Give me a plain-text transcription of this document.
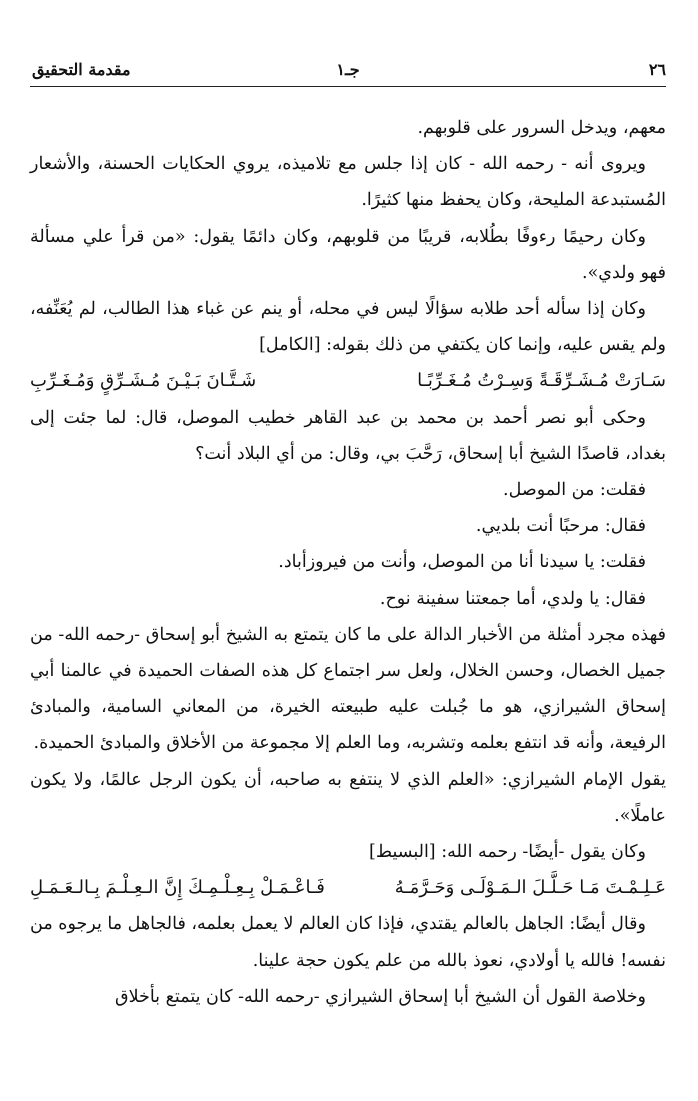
٢٦
جـ١
مقدمة التحقيق

معهم، ويدخل السرور على قلوبهم.

ويروى أنه - رحمه الله - كان إذا جلس مع تلاميذه، يروي الحكايات الحسنة، والأشعار المُستبدعة المليحة، وكان يحفظ منها كثيرًا.

وكان رحيمًا رءوفًا بطُلابه، قريبًا من قلوبهم، وكان دائمًا يقول: «من قرأ علي مسألة فهو ولدي».

وكان إذا سأله أحد طلابه سؤالًا ليس في محله، أو ينم عن غباء هذا الطالب، لم يُعَنِّفه، ولم يقس عليه، وإنما كان يكتفي من ذلك بقوله: [الكامل]

سَـارَتْ مُـشَـرِّقَـةً وَسِـرْتُ مُـغَـرِّبًـا
شَـتَّـانَ بَـيْـنَ مُـشَـرِّقٍ وَمُـغَـرِّبِ

وحكى أبو نصر أحمد بن محمد بن عبد القاهر خطيب الموصل، قال: لما جئت إلى بغداد، قاصدًا الشيخ أبا إسحاق، رَحَّبَ بي، وقال: من أي البلاد أنت؟

فقلت: من الموصل.

فقال: مرحبًا أنت بلديي.

فقلت: يا سيدنا أنا من الموصل، وأنت من فيروزأباد.

فقال: يا ولدي، أما جمعتنا سفينة نوح.

فهذه مجرد أمثلة من الأخبار الدالة على ما كان يتمتع به الشيخ أبو إسحاق -رحمه الله- من جميل الخصال، وحسن الخلال، ولعل سر اجتماع كل هذه الصفات الحميدة في عالمنا أبي إسحاق الشيرازي، هو ما جُبلت عليه طبيعته الخيرة، من المعاني السامية، والمبادئ الرفيعة، وأنه قد انتفع بعلمه وتشربه، وما العلم إلا مجموعة من الأخلاق والمبادئ الحميدة.

يقول الإمام الشيرازي: «العلم الذي لا ينتفع به صاحبه، أن يكون الرجل عالمًا، ولا يكون عاملًا».

وكان يقول -أيضًا- رحمه الله: [البسيط]

عَـلِـمْـتَ مَـا حَـلَّـلَ الـمَـوْلَـى وَحَـرَّمَـهُ
فَـاعْـمَـلْ بِـعِـلْـمِـكَ إِنَّ الـعِـلْـمَ بِـالـعَـمَـلِ

وقال أيضًا: الجاهل بالعالم يقتدي، فإذا كان العالم لا يعمل بعلمه، فالجاهل ما يرجوه من نفسه! فالله يا أولادي، نعوذ بالله من علم يكون حجة علينا.

وخلاصة القول أن الشيخ أبا إسحاق الشيرازي -رحمه الله- كان يتمتع بأخلاق
